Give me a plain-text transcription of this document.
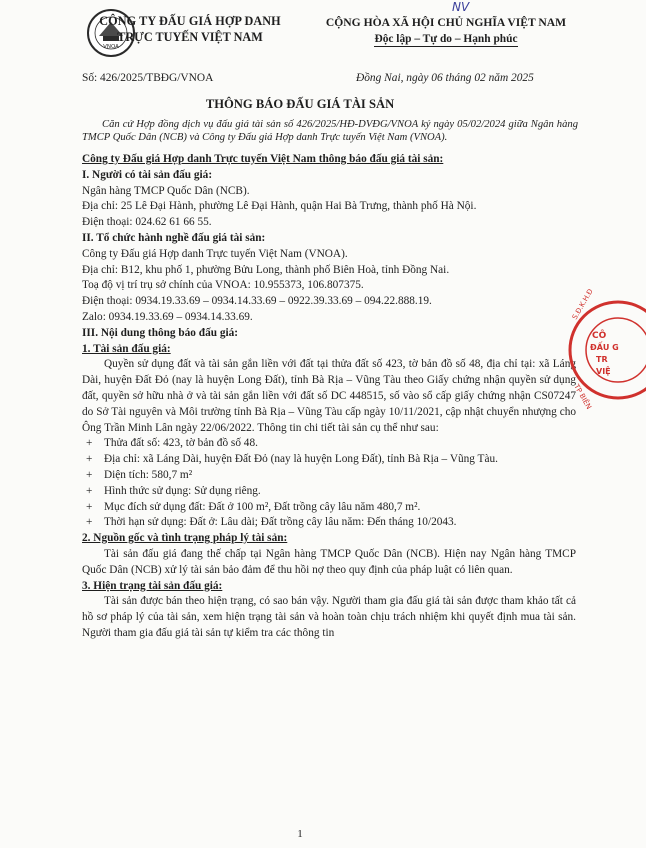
NV
VNOA
CÔNG TY ĐẤU GIÁ HỢP DANH
TRỰC TUYẾN VIỆT NAM
CỘNG HÒA XÃ HỘI CHỦ NGHĨA VIỆT NAM
Độc lập – Tự do – Hạnh phúc
Số: 426/2025/TBĐG/VNOA	Đồng Nai, ngày 06 tháng 02 năm 2025
THÔNG BÁO ĐẤU GIÁ TÀI SẢN
Căn cứ Hợp đồng dịch vụ đấu giá tài sản số 426/2025/HĐ-DVĐG/VNOA ký ngày 05/02/2024 giữa Ngân hàng TMCP Quốc Dân (NCB) và Công ty Đấu giá Hợp danh Trực tuyến Việt Nam (VNOA).

Công ty Đấu giá Hợp danh Trực tuyến Việt Nam thông báo đấu giá tài sản:

I. Người có tài sản đấu giá:

Ngân hàng TMCP Quốc Dân (NCB).

Địa chỉ: 25 Lê Đại Hành, phường Lê Đại Hành, quận Hai Bà Trưng, thành phố Hà Nội.

Điện thoại: 024.62 61 66 55.

II. Tổ chức hành nghề đấu giá tài sản:

Công ty Đấu giá Hợp danh Trực tuyến Việt Nam (VNOA).

Địa chỉ: B12, khu phố 1, phường Bửu Long, thành phố Biên Hoà, tỉnh Đồng Nai.

Toạ độ vị trí trụ sở chính của VNOA: 10.955373, 106.807375.

Điện thoại: 0934.19.33.69 – 0934.14.33.69 – 0922.39.33.69 – 094.22.888.19.

Zalo: 0934.19.33.69 – 0934.14.33.69.

III. Nội dung thông báo đấu giá:

1. Tài sản đấu giá:

Quyền sử dụng đất và tài sản gắn liền với đất tại thửa đất số 423, tờ bản đồ số 48, địa chỉ tại: xã Láng Dài, huyện Đất Đỏ (nay là huyện Long Đất), tỉnh Bà Rịa – Vũng Tàu theo Giấy chứng nhận quyền sử dụng đất, quyền sở hữu nhà ở và tài sản gắn liền với đất số DC 448515, số vào sổ cấp giấy chứng nhận CS07247 do Sở Tài nguyên và Môi trường tỉnh Bà Rịa – Vũng Tàu cấp ngày 10/11/2021, cập nhật chuyển nhượng cho Ông Trần Minh Lân ngày 22/06/2022. Thông tin chi tiết tài sản cụ thể như sau:

+ Thửa đất số: 423, tờ bản đồ số 48.

+ Địa chỉ: xã Láng Dài, huyện Đất Đỏ (nay là huyện Long Đất), tỉnh Bà Rịa – Vũng Tàu.

+ Diện tích: 580,7 m²

+ Hình thức sử dụng: Sử dụng riêng.

+ Mục đích sử dụng đất: Đất ở 100 m², Đất trồng cây lâu năm 480,7 m².

+ Thời hạn sử dụng: Đất ở: Lâu dài; Đất trồng cây lâu năm: Đến tháng 10/2043.

2. Nguồn gốc và tình trạng pháp lý tài sản:

Tài sản đấu giá đang thế chấp tại Ngân hàng TMCP Quốc Dân (NCB). Hiện nay Ngân hàng TMCP Quốc Dân (NCB) xử lý tài sản bảo đảm để thu hồi nợ theo quy định của pháp luật có liên quan.

3. Hiện trạng tài sản đấu giá:

Tài sản được bán theo hiện trạng, có sao bán vậy. Người tham gia đấu giá tài sản được tham khảo tất cả hồ sơ pháp lý của tài sản, xem hiện trạng tài sản và hoàn toàn chịu trách nhiệm khi quyết định mua tài sản. Người tham gia đấu giá tài sản tự kiểm tra các thông tin

S.Đ.K.H.Đ
CÔ
ĐẤU G
TR
VIỆ
TP BIÊN
1
